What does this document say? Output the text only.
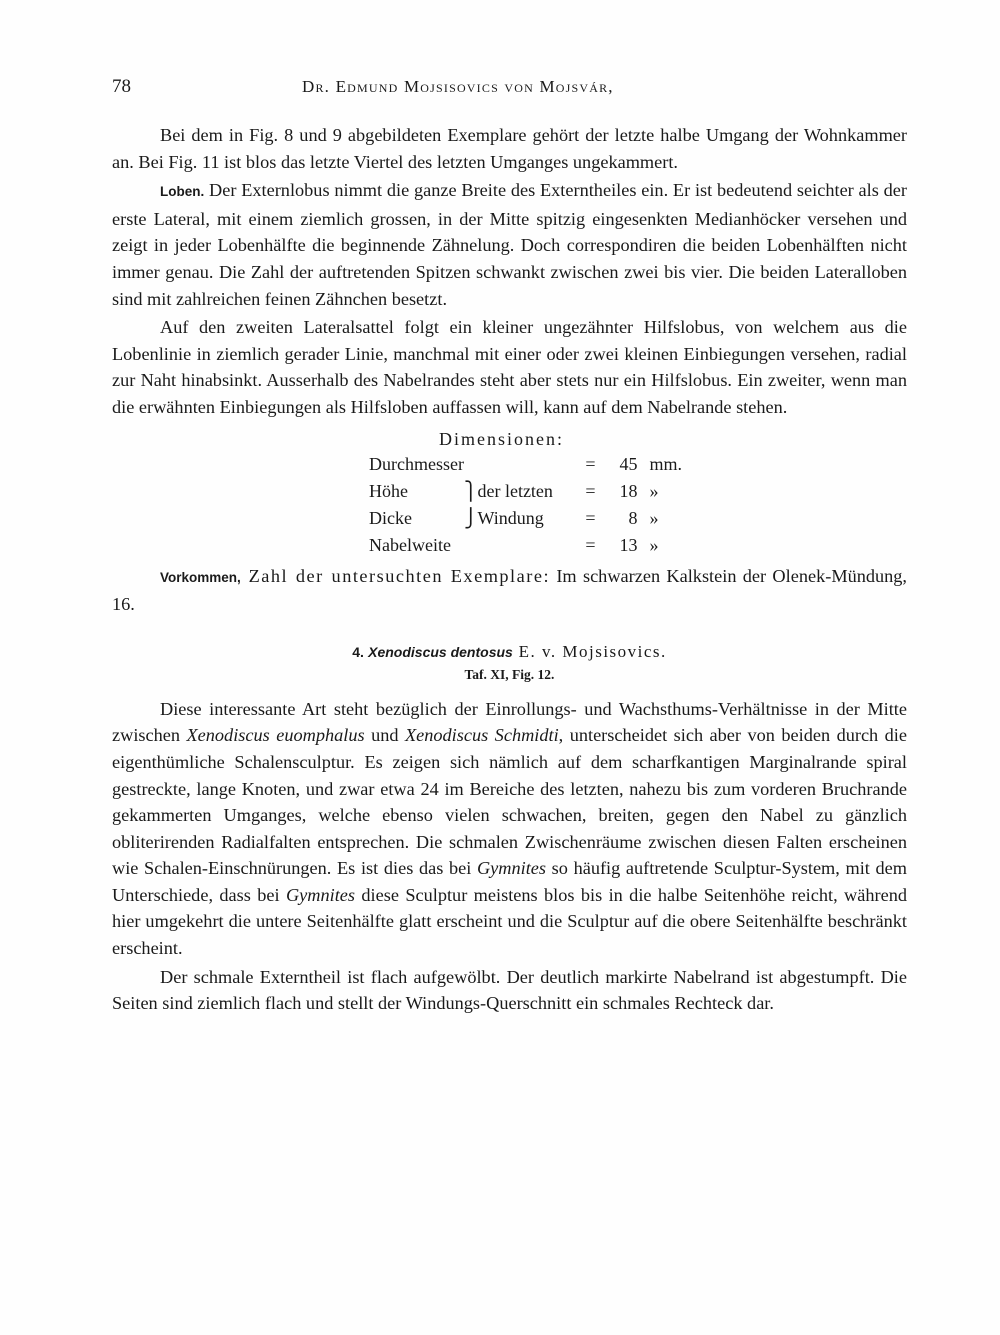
78	Dr. Edmund Mojsisovics von Mojsvár,

Bei dem in Fig. 8 und 9 abgebildeten Exemplare gehört der letzte halbe Umgang der Wohnkammer an. Bei Fig. 11 ist blos das letzte Viertel des letzten Umganges ungekammert.

Loben. Der Externlobus nimmt die ganze Breite des Externtheiles ein. Er ist bedeutend seichter als der erste Lateral, mit einem ziemlich grossen, in der Mitte spitzig eingesenkten Medianhöcker versehen und zeigt in jeder Lobenhälfte die beginnende Zähnelung. Doch correspondiren die beiden Lobenhälften nicht immer genau. Die Zahl der auftretenden Spitzen schwankt zwischen zwei bis vier. Die beiden Lateralloben sind mit zahlreichen feinen Zähnchen besetzt.

Auf den zweiten Lateralsattel folgt ein kleiner ungezähnter Hilfslobus, von welchem aus die Lobenlinie in ziemlich gerader Linie, manchmal mit einer oder zwei kleinen Einbiegungen versehen, radial zur Naht hinabsinkt. Ausserhalb des Nabelrandes steht aber stets nur ein Hilfslobus. Ein zweiter, wenn man die erwähnten Einbiegungen als Hilfsloben auffassen will, kann auf dem Nabelrande stehen.

Dimensionen:
Durchmesser			=	45	mm.
Höhe	⎫	der letzten	=	18	»
Dicke	⎭	Windung	=	8	»
Nabelweite			=	13	»

Vorkommen, Zahl der untersuchten Exemplare: Im schwarzen Kalkstein der Olenek-Mündung, 16.

4. Xenodiscus dentosus E. v. Mojsisovics.
Taf. XI, Fig. 12.

Diese interessante Art steht bezüglich der Einrollungs- und Wachsthums-Verhältnisse in der Mitte zwischen Xenodiscus euomphalus und Xenodiscus Schmidti, unterscheidet sich aber von beiden durch die eigenthümliche Schalensculptur. Es zeigen sich nämlich auf dem scharfkantigen Marginalrande spiral gestreckte, lange Knoten, und zwar etwa 24 im Bereiche des letzten, nahezu bis zum vorderen Bruchrande gekammerten Umganges, welche ebenso vielen schwachen, breiten, gegen den Nabel zu gänzlich obliterirenden Radialfalten entsprechen. Die schmalen Zwischenräume zwischen diesen Falten erscheinen wie Schalen-Einschnürungen. Es ist dies das bei Gymnites so häufig auftretende Sculptur-System, mit dem Unterschiede, dass bei Gymnites diese Sculptur meistens blos bis in die halbe Seitenhöhe reicht, während hier umgekehrt die untere Seitenhälfte glatt erscheint und die Sculptur auf die obere Seitenhälfte beschränkt erscheint.

Der schmale Externtheil ist flach aufgewölbt. Der deutlich markirte Nabelrand ist abgestumpft. Die Seiten sind ziemlich flach und stellt der Windungs-Querschnitt ein schmales Rechteck dar.
